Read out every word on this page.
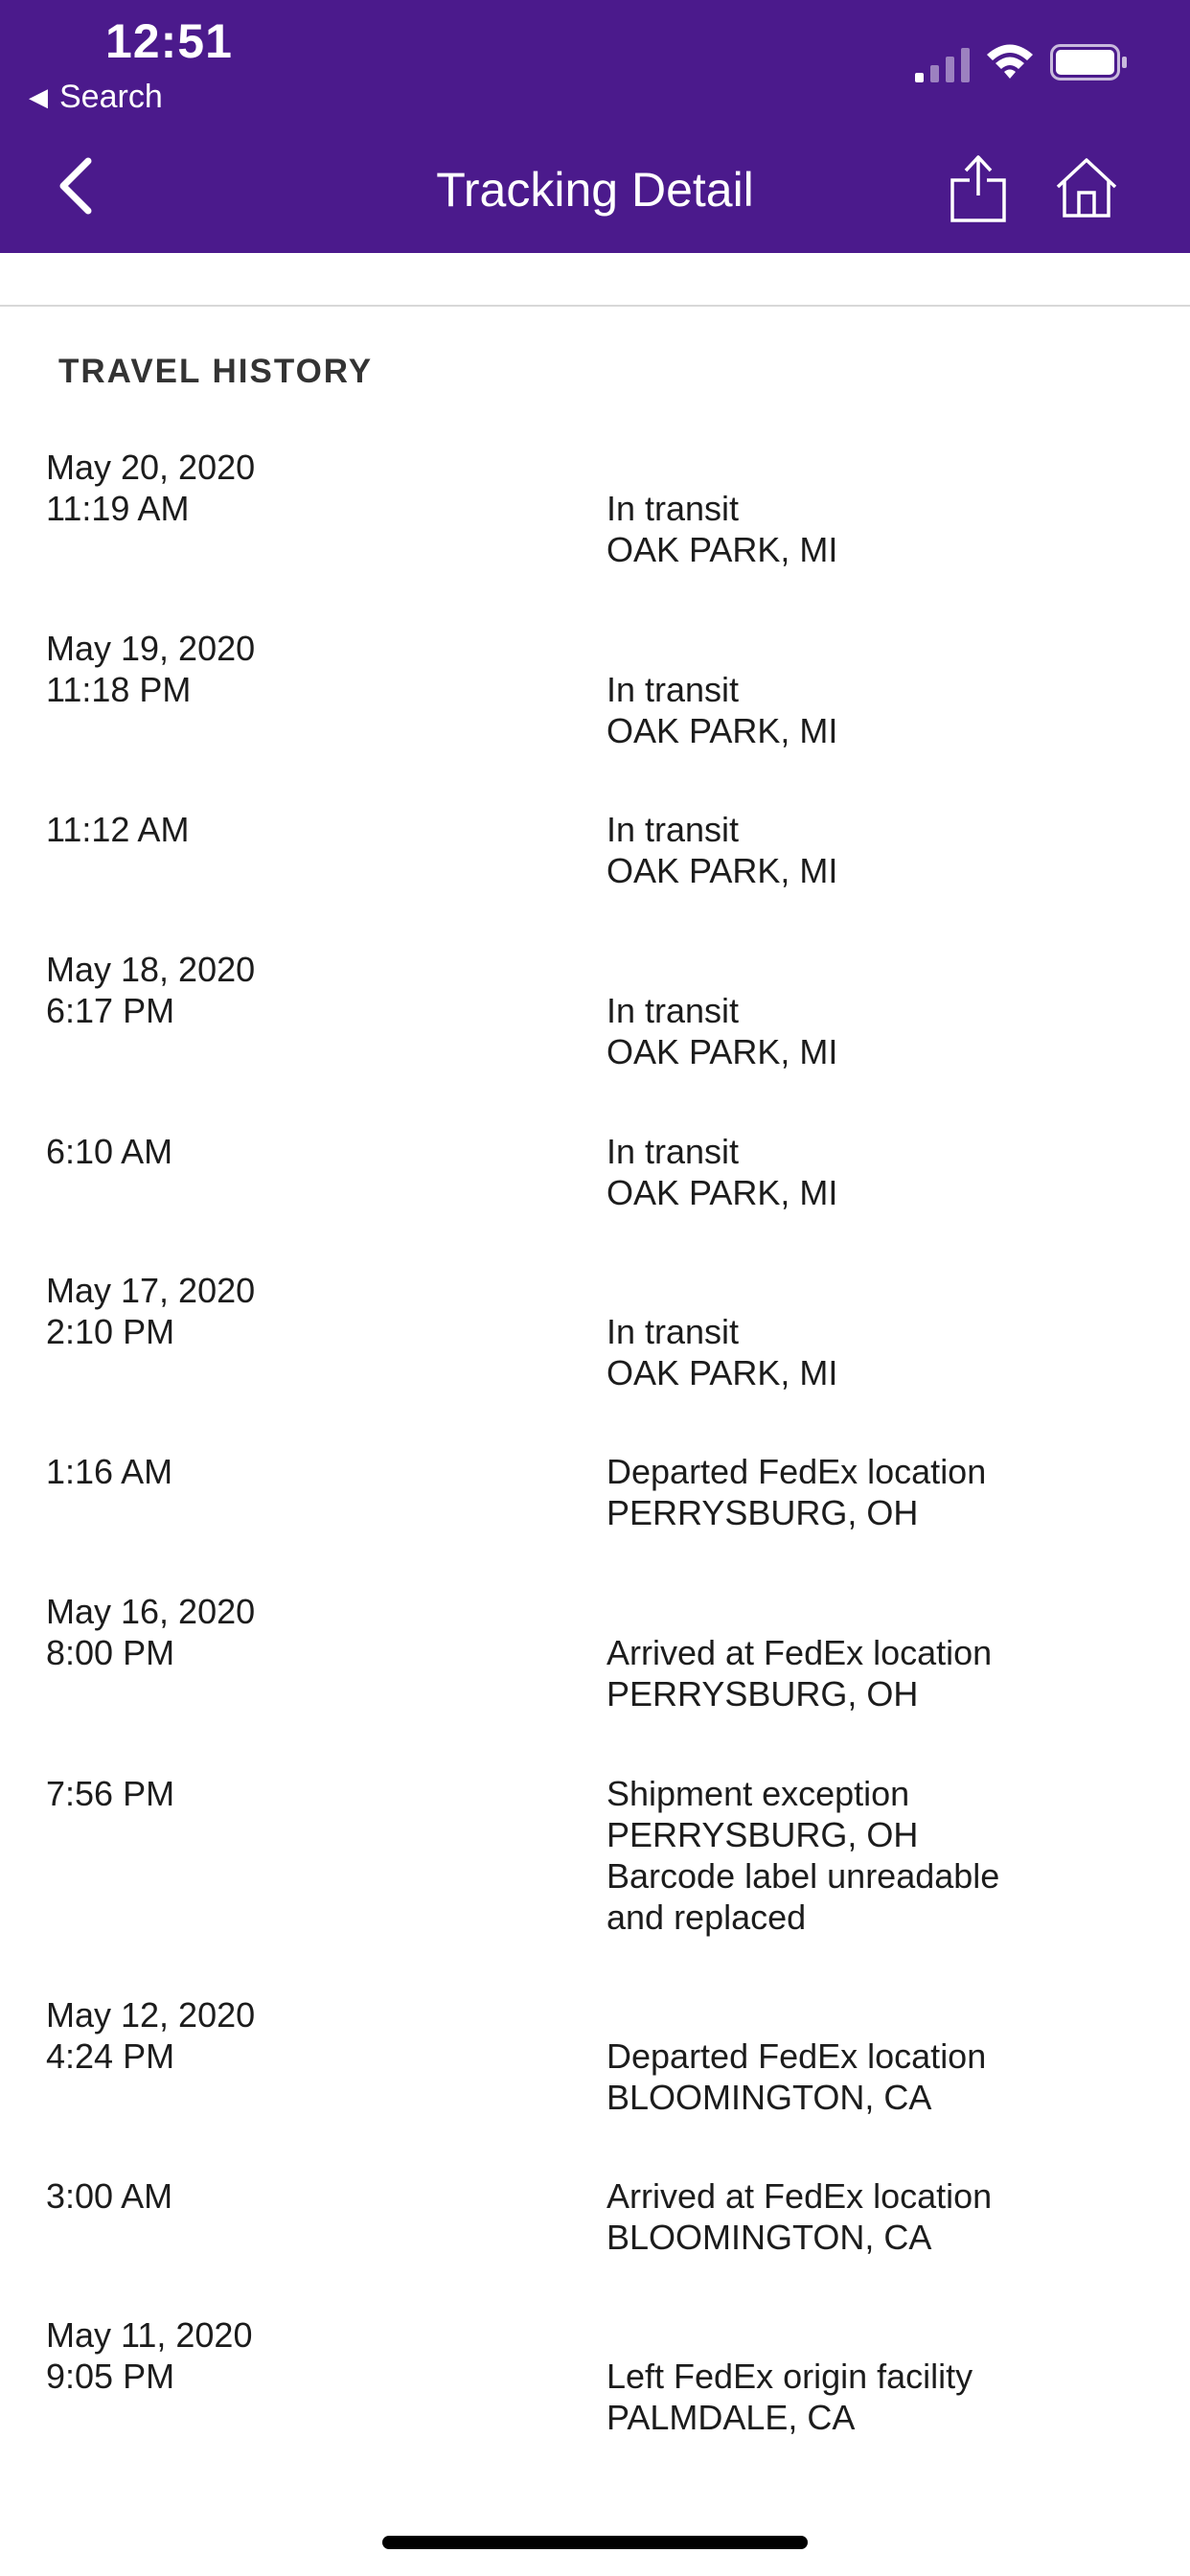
12:51
◀ Search
Tracking Detail
TRAVEL HISTORY
May 20, 2020
11:19 AM	In transit
OAK PARK, MI
May 19, 2020
11:18 PM	In transit
OAK PARK, MI
11:12 AM	In transit
OAK PARK, MI
May 18, 2020
6:17 PM	In transit
OAK PARK, MI
6:10 AM	In transit
OAK PARK, MI
May 17, 2020
2:10 PM	In transit
OAK PARK, MI
1:16 AM	Departed FedEx location
PERRYSBURG, OH
May 16, 2020
8:00 PM	Arrived at FedEx location
PERRYSBURG, OH
7:56 PM	Shipment exception
PERRYSBURG, OH
Barcode label unreadable
and replaced
May 12, 2020
4:24 PM	Departed FedEx location
BLOOMINGTON, CA
3:00 AM	Arrived at FedEx location
BLOOMINGTON, CA
May 11, 2020
9:05 PM	Left FedEx origin facility
PALMDALE, CA
